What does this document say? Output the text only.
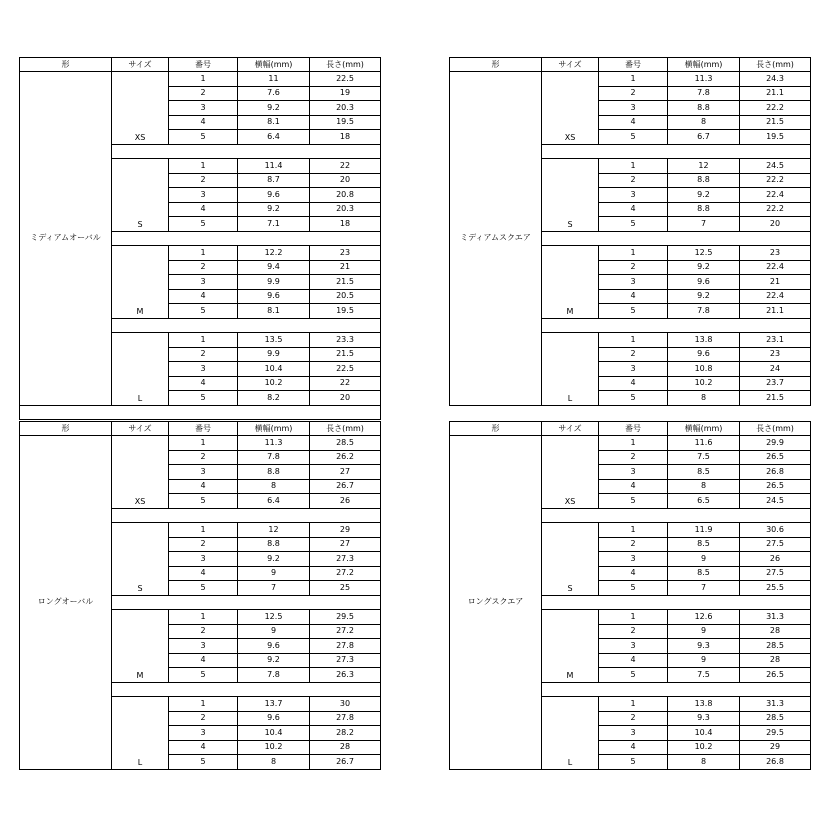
形	サイズ	番号	横幅(mm)	長さ(mm)
ミディアムオーバル	XS	1	11	22.5
		2	7.6	19
		3	9.2	20.3
		4	8.1	19.5
		5	6.4	18

	S	1	11.4	22
		2	8.7	20
		3	9.6	20.8
		4	9.2	20.3
		5	7.1	18

	M	1	12.2	23
		2	9.4	21
		3	9.9	21.5
		4	9.6	20.5
		5	8.1	19.5

	L	1	13.5	23.3
		2	9.9	21.5
		3	10.4	22.5
		4	10.2	22
		5	8.2	20

形	サイズ	番号	横幅(mm)	長さ(mm)
ミディアムスクエア	XS	1	11.3	24.3
		2	7.8	21.1
		3	8.8	22.2
		4	8	21.5
		5	6.7	19.5

	S	1	12	24.5
		2	8.8	22.2
		3	9.2	22.4
		4	8.8	22.2
		5	7	20

	M	1	12.5	23
		2	9.2	22.4
		3	9.6	21
		4	9.2	22.4
		5	7.8	21.1

	L	1	13.8	23.1
		2	9.6	23
		3	10.8	24
		4	10.2	23.7
		5	8	21.5
形	サイズ	番号	横幅(mm)	長さ(mm)
ロングオーバル	XS	1	11.3	28.5
		2	7.8	26.2
		3	8.8	27
		4	8	26.7
		5	6.4	26

	S	1	12	29
		2	8.8	27
		3	9.2	27.3
		4	9	27.2
		5	7	25

	M	1	12.5	29.5
		2	9	27.2
		3	9.6	27.8
		4	9.2	27.3
		5	7.8	26.3

	L	1	13.7	30
		2	9.6	27.8
		3	10.4	28.2
		4	10.2	28
		5	8	26.7
形	サイズ	番号	横幅(mm)	長さ(mm)
ロングスクエア	XS	1	11.6	29.9
		2	7.5	26.5
		3	8.5	26.8
		4	8	26.5
		5	6.5	24.5

	S	1	11.9	30.6
		2	8.5	27.5
		3	9	26
		4	8.5	27.5
		5	7	25.5

	M	1	12.6	31.3
		2	9	28
		3	9.3	28.5
		4	9	28
		5	7.5	26.5

	L	1	13.8	31.3
		2	9.3	28.5
		3	10.4	29.5
		4	10.2	29
		5	8	26.8
